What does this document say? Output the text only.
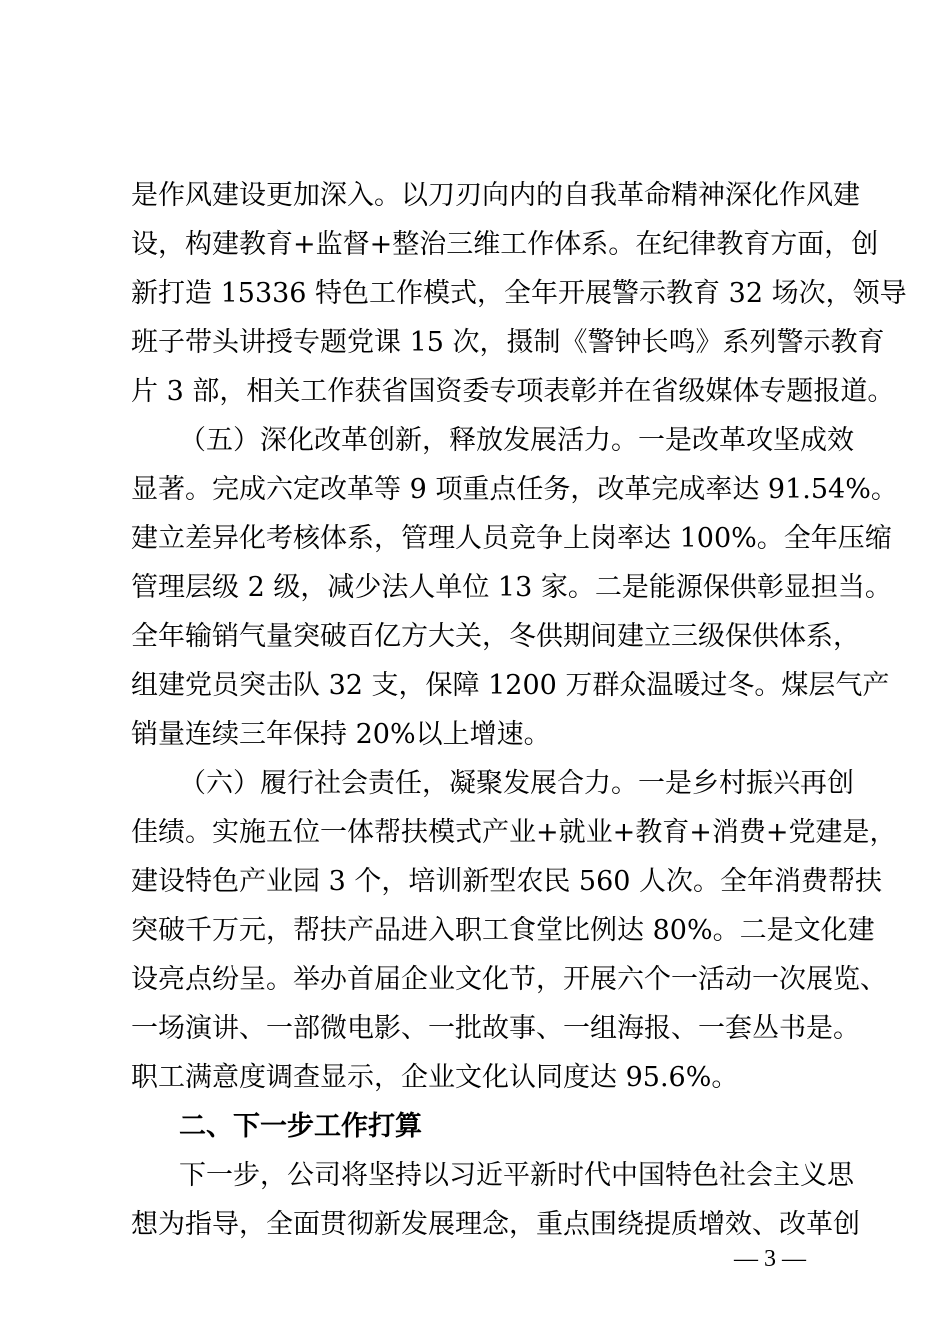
是作风建设更加深入。以刀刃向内的自我革命精神深化作风建
设，构建教育+监督+整治三维工作体系。在纪律教育方面，创
新打造 15336 特色工作模式，全年开展警示教育 32 场次，领导
班子带头讲授专题党课 15 次，摄制《警钟长鸣》系列警示教育
片 3 部，相关工作获省国资委专项表彰并在省级媒体专题报道。
（五）深化改革创新，释放发展活力。一是改革攻坚成效
显著。完成六定改革等 9 项重点任务，改革完成率达 91.54%。
建立差异化考核体系，管理人员竞争上岗率达 100%。全年压缩
管理层级 2 级，减少法人单位 13 家。二是能源保供彰显担当。
全年输销气量突破百亿方大关，冬供期间建立三级保供体系，
组建党员突击队 32 支，保障 1200 万群众温暖过冬。煤层气产
销量连续三年保持 20%以上增速。
（六）履行社会责任，凝聚发展合力。一是乡村振兴再创
佳绩。实施五位一体帮扶模式产业+就业+教育+消费+党建是，
建设特色产业园 3 个，培训新型农民 560 人次。全年消费帮扶
突破千万元，帮扶产品进入职工食堂比例达 80%。二是文化建
设亮点纷呈。举办首届企业文化节，开展六个一活动一次展览、
一场演讲、一部微电影、一批故事、一组海报、一套丛书是。
职工满意度调查显示，企业文化认同度达 95.6%。
二、下一步工作打算
下一步，公司将坚持以习近平新时代中国特色社会主义思
想为指导，全面贯彻新发展理念，重点围绕提质增效、改革创
— 3 —
